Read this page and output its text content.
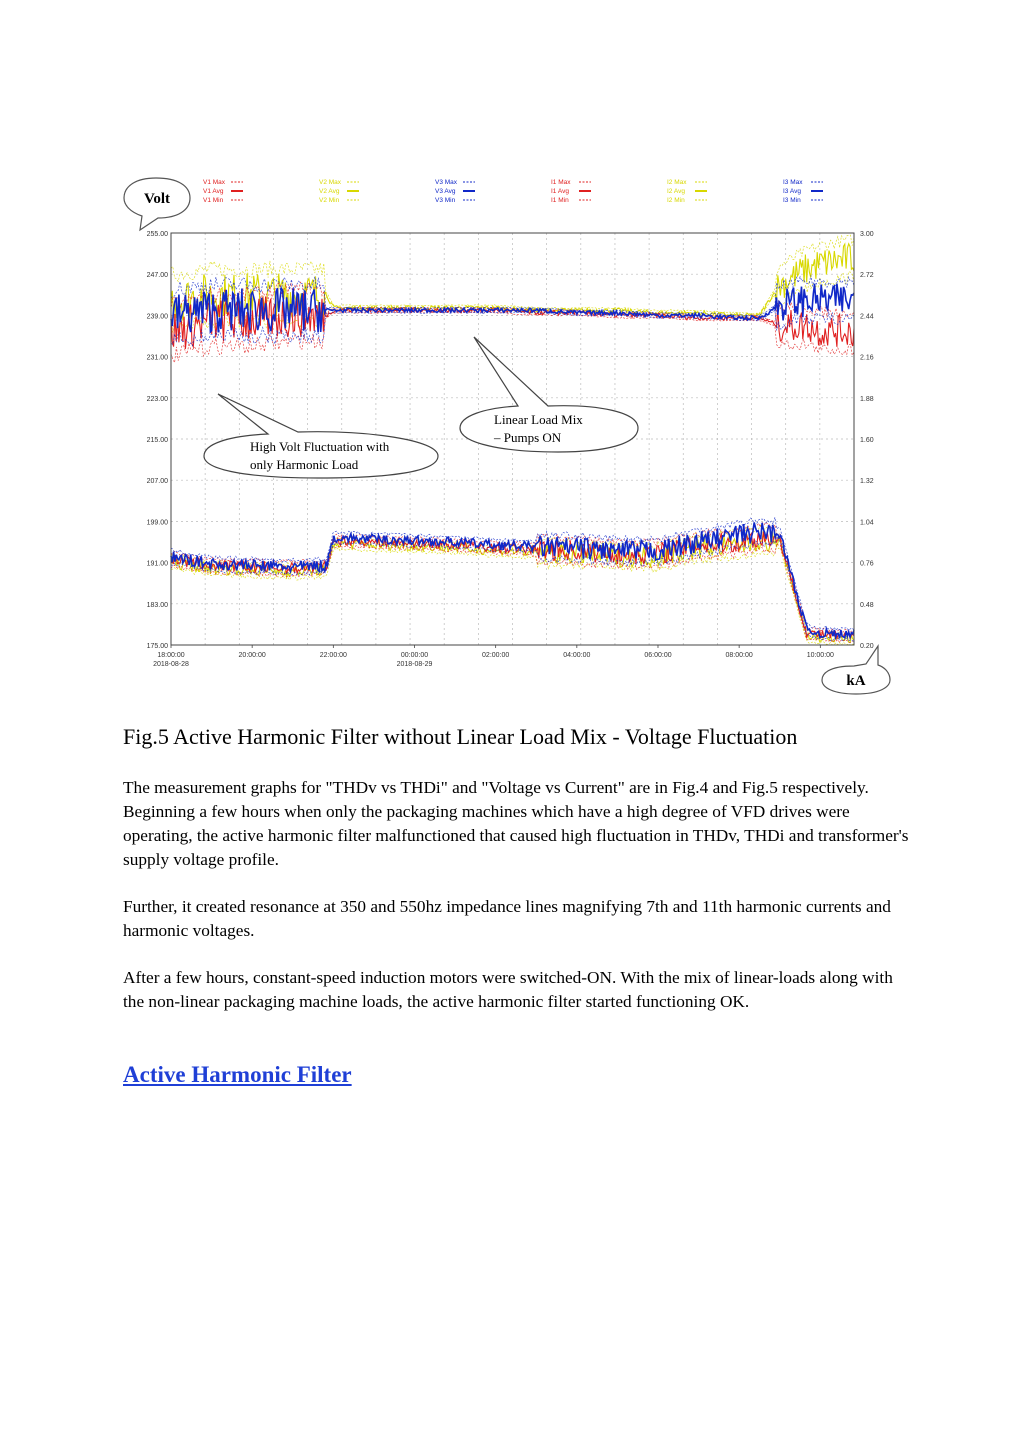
255.00
247.00
239.00
231.00
223.00
215.00
207.00
199.00
191.00
183.00
175.00
3.00
2.72
2.44
2.16
1.88
1.60
1.32
1.04
0.76
0.48
0.20
18:00:00
2018-08-28
20:00:00	22:00:00	00:00:00
2018-08-29
02:00:00	04:00:00	06:00:00	08:00:00	10:00:00
V1 Max
V1 Avg
V1 Min
V2 Max
V2 Avg
V2 Min
V3 Max
V3 Avg
V3 Min
I1 Max
I1 Avg
I1 Min
I2 Max
I2 Avg
I2 Min
I3 Max
I3 Avg
I3 Min
Volt
kA
High Volt Fluctuation with
only Harmonic Load
Linear Load Mix
– Pumps ON
Fig.5 Active Harmonic Filter without Linear Load Mix - Voltage Fluctuation

The measurement graphs for "THDv vs THDi" and "Voltage vs Current" are in Fig.4 and Fig.5 respectively. Beginning a few hours when only the packaging machines which have a high degree of VFD drives were operating, the active harmonic filter malfunctioned that caused high fluctuation in THDv, THDi and transformer's supply voltage profile.

Further, it created resonance at 350 and 550hz impedance lines magnifying 7th and 11th harmonic currents and harmonic voltages.

After a few hours, constant-speed induction motors were switched-ON. With the mix of linear-loads along with the non-linear packaging machine loads, the active harmonic filter started functioning OK.

Active Harmonic Filter
